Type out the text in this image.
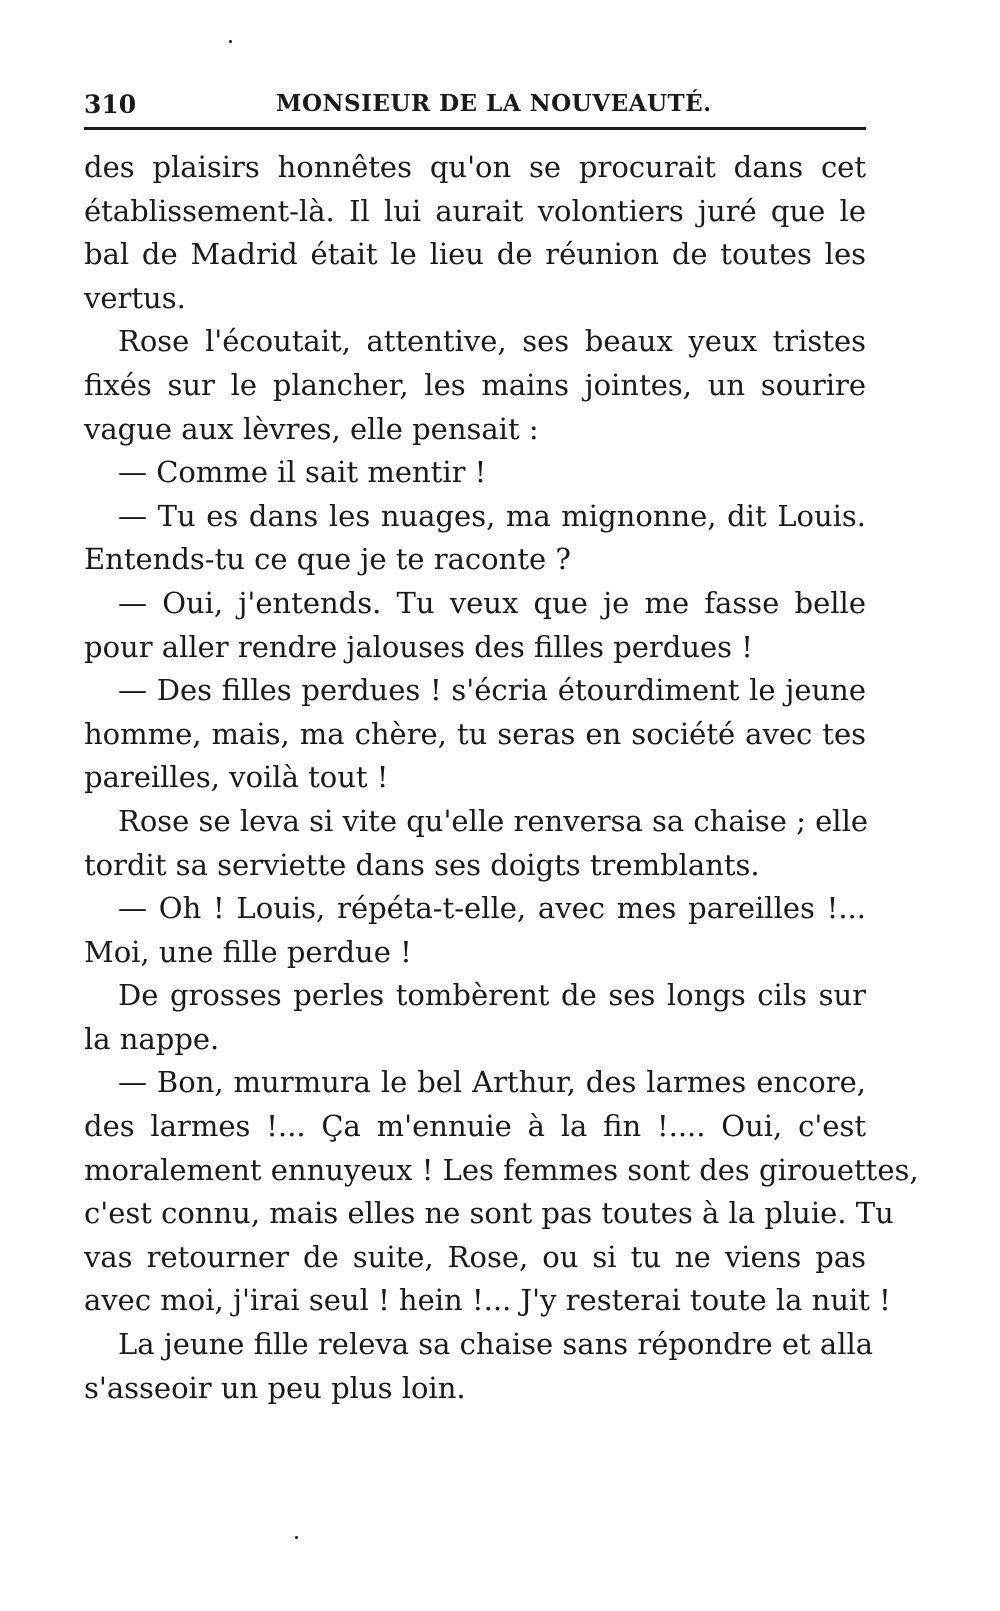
310	MONSIEUR DE LA NOUVEAUTÉ.
des plaisirs honnêtes qu'on se procurait dans cet
établissement-là. Il lui aurait volontiers juré que le
bal de Madrid était le lieu de réunion de toutes les
vertus.
Rose l'écoutait, attentive, ses beaux yeux tristes
fixés sur le plancher, les mains jointes, un sourire
vague aux lèvres, elle pensait :
— Comme il sait mentir !
— Tu es dans les nuages, ma mignonne, dit Louis.
Entends-tu ce que je te raconte ?
— Oui, j'entends. Tu veux que je me fasse belle
pour aller rendre jalouses des filles perdues !
— Des filles perdues ! s'écria étourdiment le jeune
homme, mais, ma chère, tu seras en société avec tes
pareilles, voilà tout !
Rose se leva si vite qu'elle renversa sa chaise ; elle
tordit sa serviette dans ses doigts tremblants.
— Oh ! Louis, répéta-t-elle, avec mes pareilles !...
Moi, une fille perdue !
De grosses perles tombèrent de ses longs cils sur
la nappe.
— Bon, murmura le bel Arthur, des larmes encore,
des larmes !... Ça m'ennuie à la fin !.... Oui, c'est
moralement ennuyeux ! Les femmes sont des girouettes,
c'est connu, mais elles ne sont pas toutes à la pluie. Tu
vas retourner de suite, Rose, ou si tu ne viens pas
avec moi, j'irai seul ! hein !... J'y resterai toute la nuit !
La jeune fille releva sa chaise sans répondre et alla
s'asseoir un peu plus loin.
